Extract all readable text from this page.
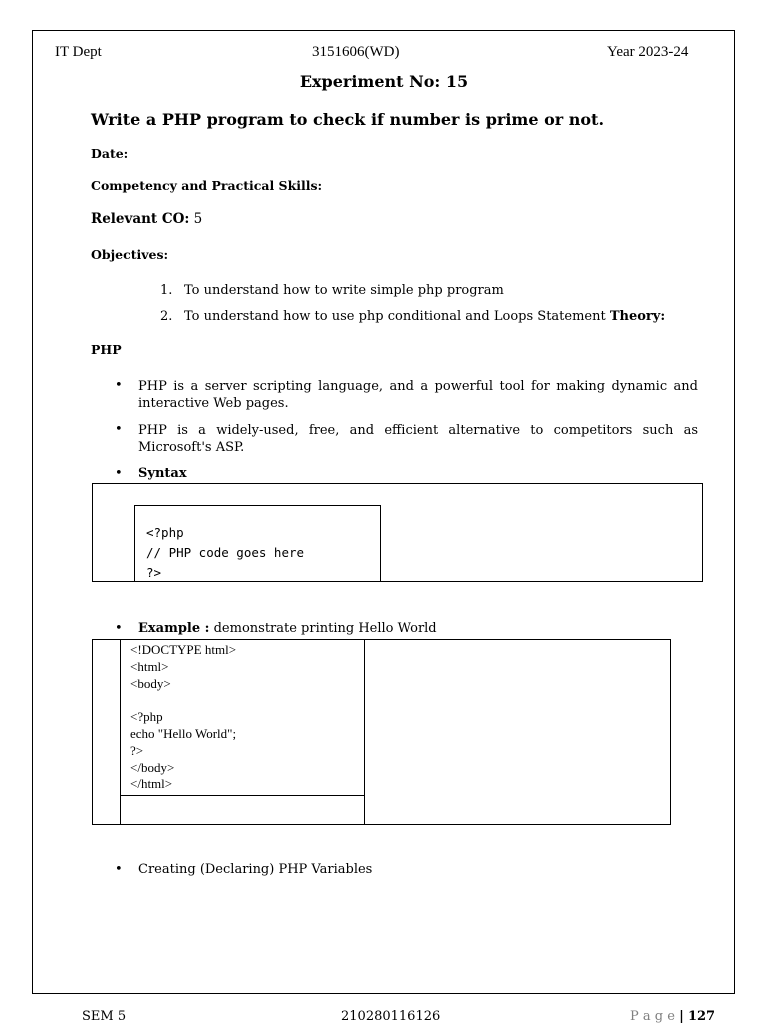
IT Dept	3151606(WD)	Year 2023-24
Experiment No: 15
Write a PHP program to check if number is prime or not.
Date:
Competency and Practical Skills:
Relevant CO: 5
Objectives:
1. To understand how to write simple php program
2. To understand how to use php conditional and Loops Statement Theory:
PHP
• PHP is a server scripting language, and a powerful tool for making dynamic and interactive Web pages.
• PHP is a widely-used, free, and efficient alternative to competitors such as Microsoft's ASP.
• Syntax
<?php
// PHP code goes here
?>
• Example : demonstrate printing Hello World
<!DOCTYPE html>
<html>
<body>

<?php
echo "Hello World";
?>
</body>
</html>
• Creating (Declaring) PHP Variables
SEM 5	210280116126	P a g e | 127
